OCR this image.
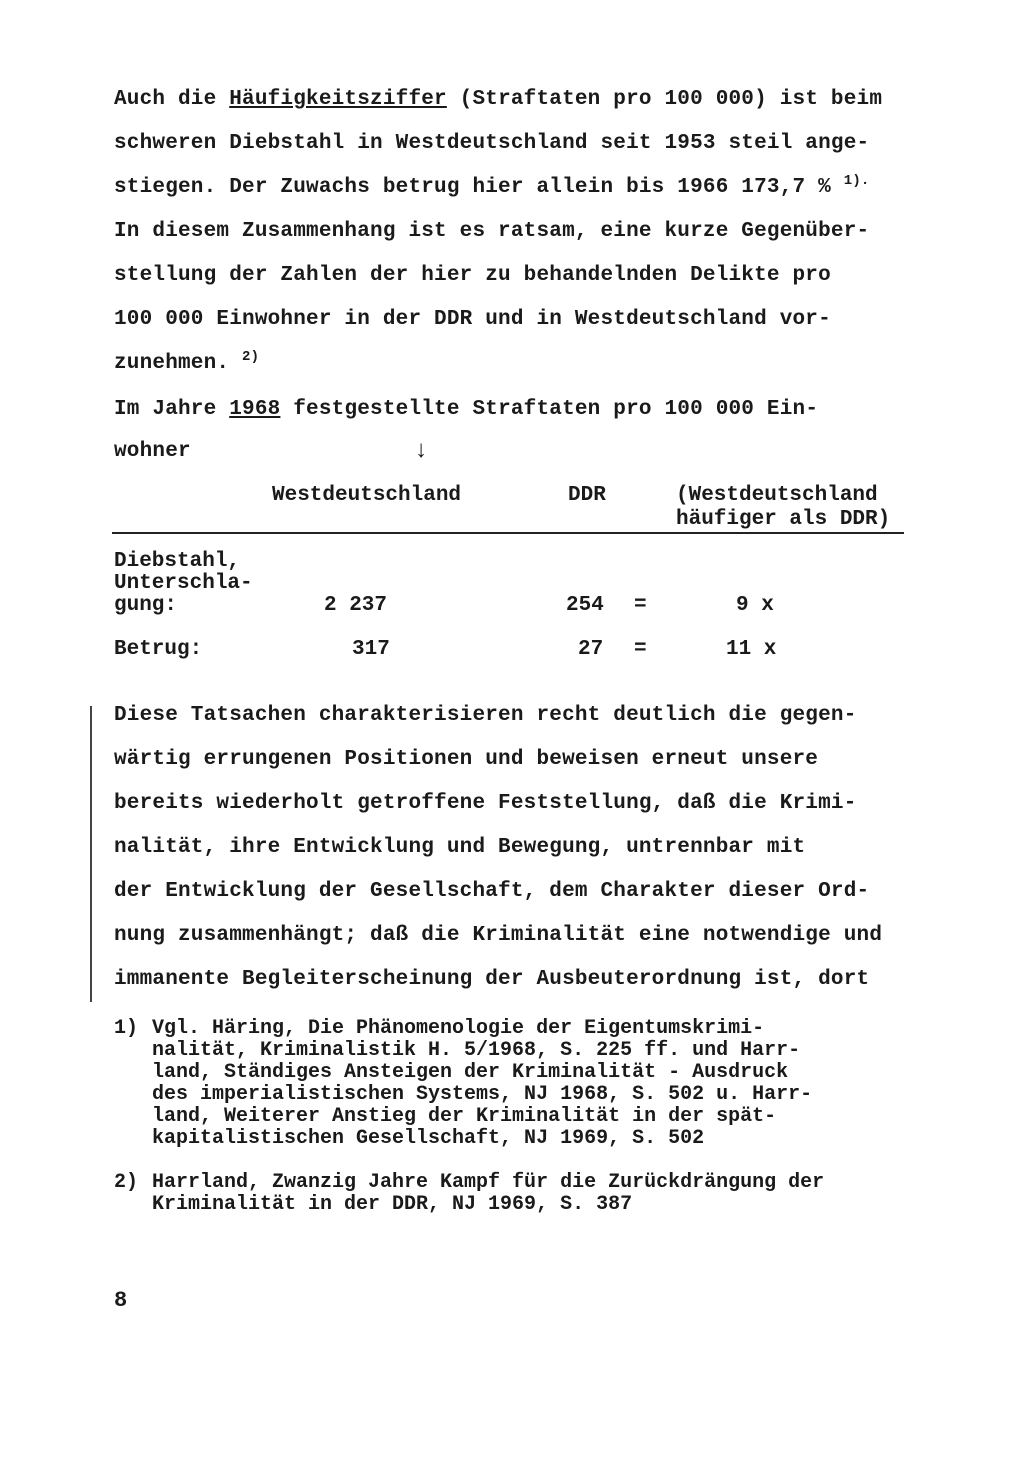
Auch die Häufigkeitsziffer (Straftaten pro 100 000) ist beim
schweren Diebstahl in Westdeutschland seit 1953 steil ange-
stiegen. Der Zuwachs betrug hier allein bis 1966 173,7 % $^{1).}$
In diesem Zusammenhang ist es ratsam, eine kurze Gegenüber-
stellung der Zahlen der hier zu behandelnden Delikte pro
100 000 Einwohner in der DDR und in Westdeutschland vor-
zunehmen. $^{2)}$
Im Jahre 1968 festgestellte Straftaten pro 100 000 Ein-
wohner	↓
Westdeutschland	DDR	(Westdeutschland
häufiger als DDR)
Diebstahl,
Unterschla-
gung:	2 237	254 =	9 x
Betrug:	317	27 =	11 x
Diese Tatsachen charakterisieren recht deutlich die gegen-
wärtig errungenen Positionen und beweisen erneut unsere
bereits wiederholt getroffene Feststellung, daß die Krimi-
nalität, ihre Entwicklung und Bewegung, untrennbar mit
der Entwicklung der Gesellschaft, dem Charakter dieser Ord-
nung zusammenhängt; daß die Kriminalität eine notwendige und
immanente Begleiterscheinung der Ausbeuterordnung ist, dort
1) Vgl. Häring, Die Phänomenologie der Eigentumskrimi-
nalität, Kriminalistik H. 5/1968, S. 225 ff. und Harr-
land, Ständiges Ansteigen der Kriminalität - Ausdruck
des imperialistischen Systems, NJ 1968, S. 502 u. Harr-
land, Weiterer Anstieg der Kriminalität in der spät-
kapitalistischen Gesellschaft, NJ 1969, S. 502
2) Harrland, Zwanzig Jahre Kampf für die Zurückdrängung der
Kriminalität in der DDR, NJ 1969, S. 387
8
